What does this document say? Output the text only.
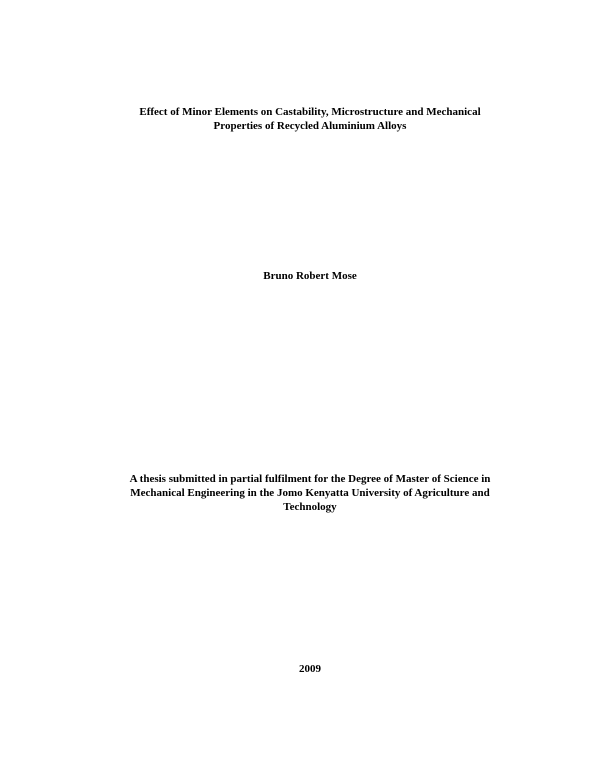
Effect of Minor Elements on Castability, Microstructure and Mechanical
Properties of Recycled Aluminium Alloys
Bruno Robert Mose
A thesis submitted in partial fulfilment for the Degree of Master of Science in
Mechanical Engineering in the Jomo Kenyatta University of Agriculture and
Technology
2009
